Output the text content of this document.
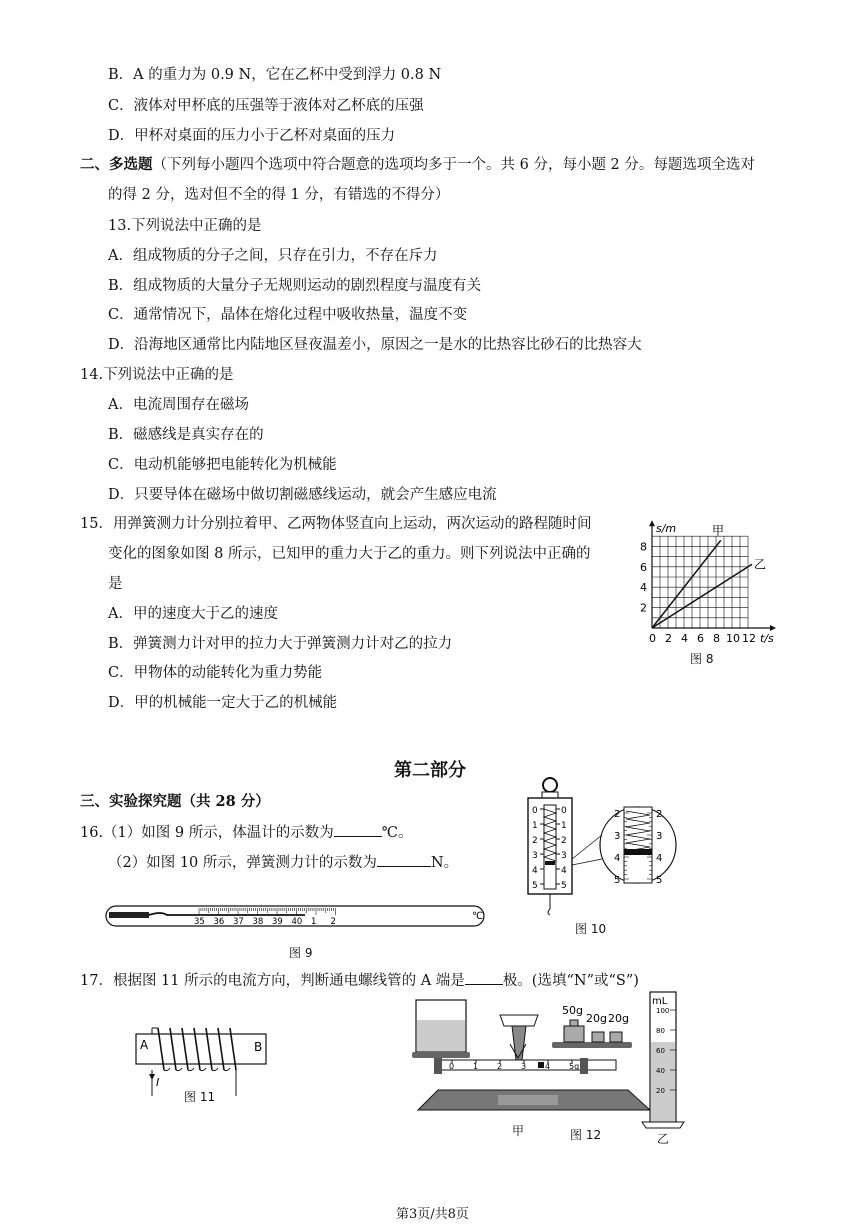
B．A 的重力为 0.9 N，它在乙杯中受到浮力 0.8 N
C．液体对甲杯底的压强等于液体对乙杯底的压强
D．甲杯对桌面的压力小于乙杯对桌面的压力
二、多选题（下列每小题四个选项中符合题意的选项均多于一个。共 6 分，每小题 2 分。每题选项全选对
的得 2 分，选对但不全的得 1 分，有错选的不得分）
13.下列说法中正确的是
A．组成物质的分子之间，只存在引力，不存在斥力
B．组成物质的大量分子无规则运动的剧烈程度与温度有关
C．通常情况下，晶体在熔化过程中吸收热量，温度不变
D．沿海地区通常比内陆地区昼夜温差小，原因之一是水的比热容比砂石的比热容大
14.下列说法中正确的是
A．电流周围存在磁场
B．磁感线是真实存在的
C．电动机能够把电能转化为机械能
D．只要导体在磁场中做切割磁感线运动，就会产生感应电流
15．用弹簧测力计分别拉着甲、乙两物体竖直向上运动，两次运动的路程随时间
变化的图象如图 8 所示，已知甲的重力大于乙的重力。则下列说法中正确的
是
A．甲的速度大于乙的速度
B．弹簧测力计对甲的拉力大于弹簧测力计对乙的拉力
C．甲物体的动能转化为重力势能
D．甲的机械能一定大于乙的机械能
甲
乙
2
4
6
8
0 2 4 6 8 10 12
s/m
t/s
图 8
第二部分
三、实验探究题（共 28 分）
16.（1）如图 9 所示，体温计的示数为	℃。
（2）如图 10 所示，弹簧测力计的示数为	N。
35 36 37 38 39 40 1 2	℃
图 9
0	0
1	1
2	2
3	3
4	4
5	5
2	2
3	3
4	4
5	5
图 10
17．根据图 11 所示的电流方向，判断通电螺线管的 A 端是	极。(选填“N”或“S”)
A	B
I
图 11
0 1 2 3 4 5g
50g
20g 20g
100
80
60
40
20
mL
甲	图 12	乙
第3页/共8页
